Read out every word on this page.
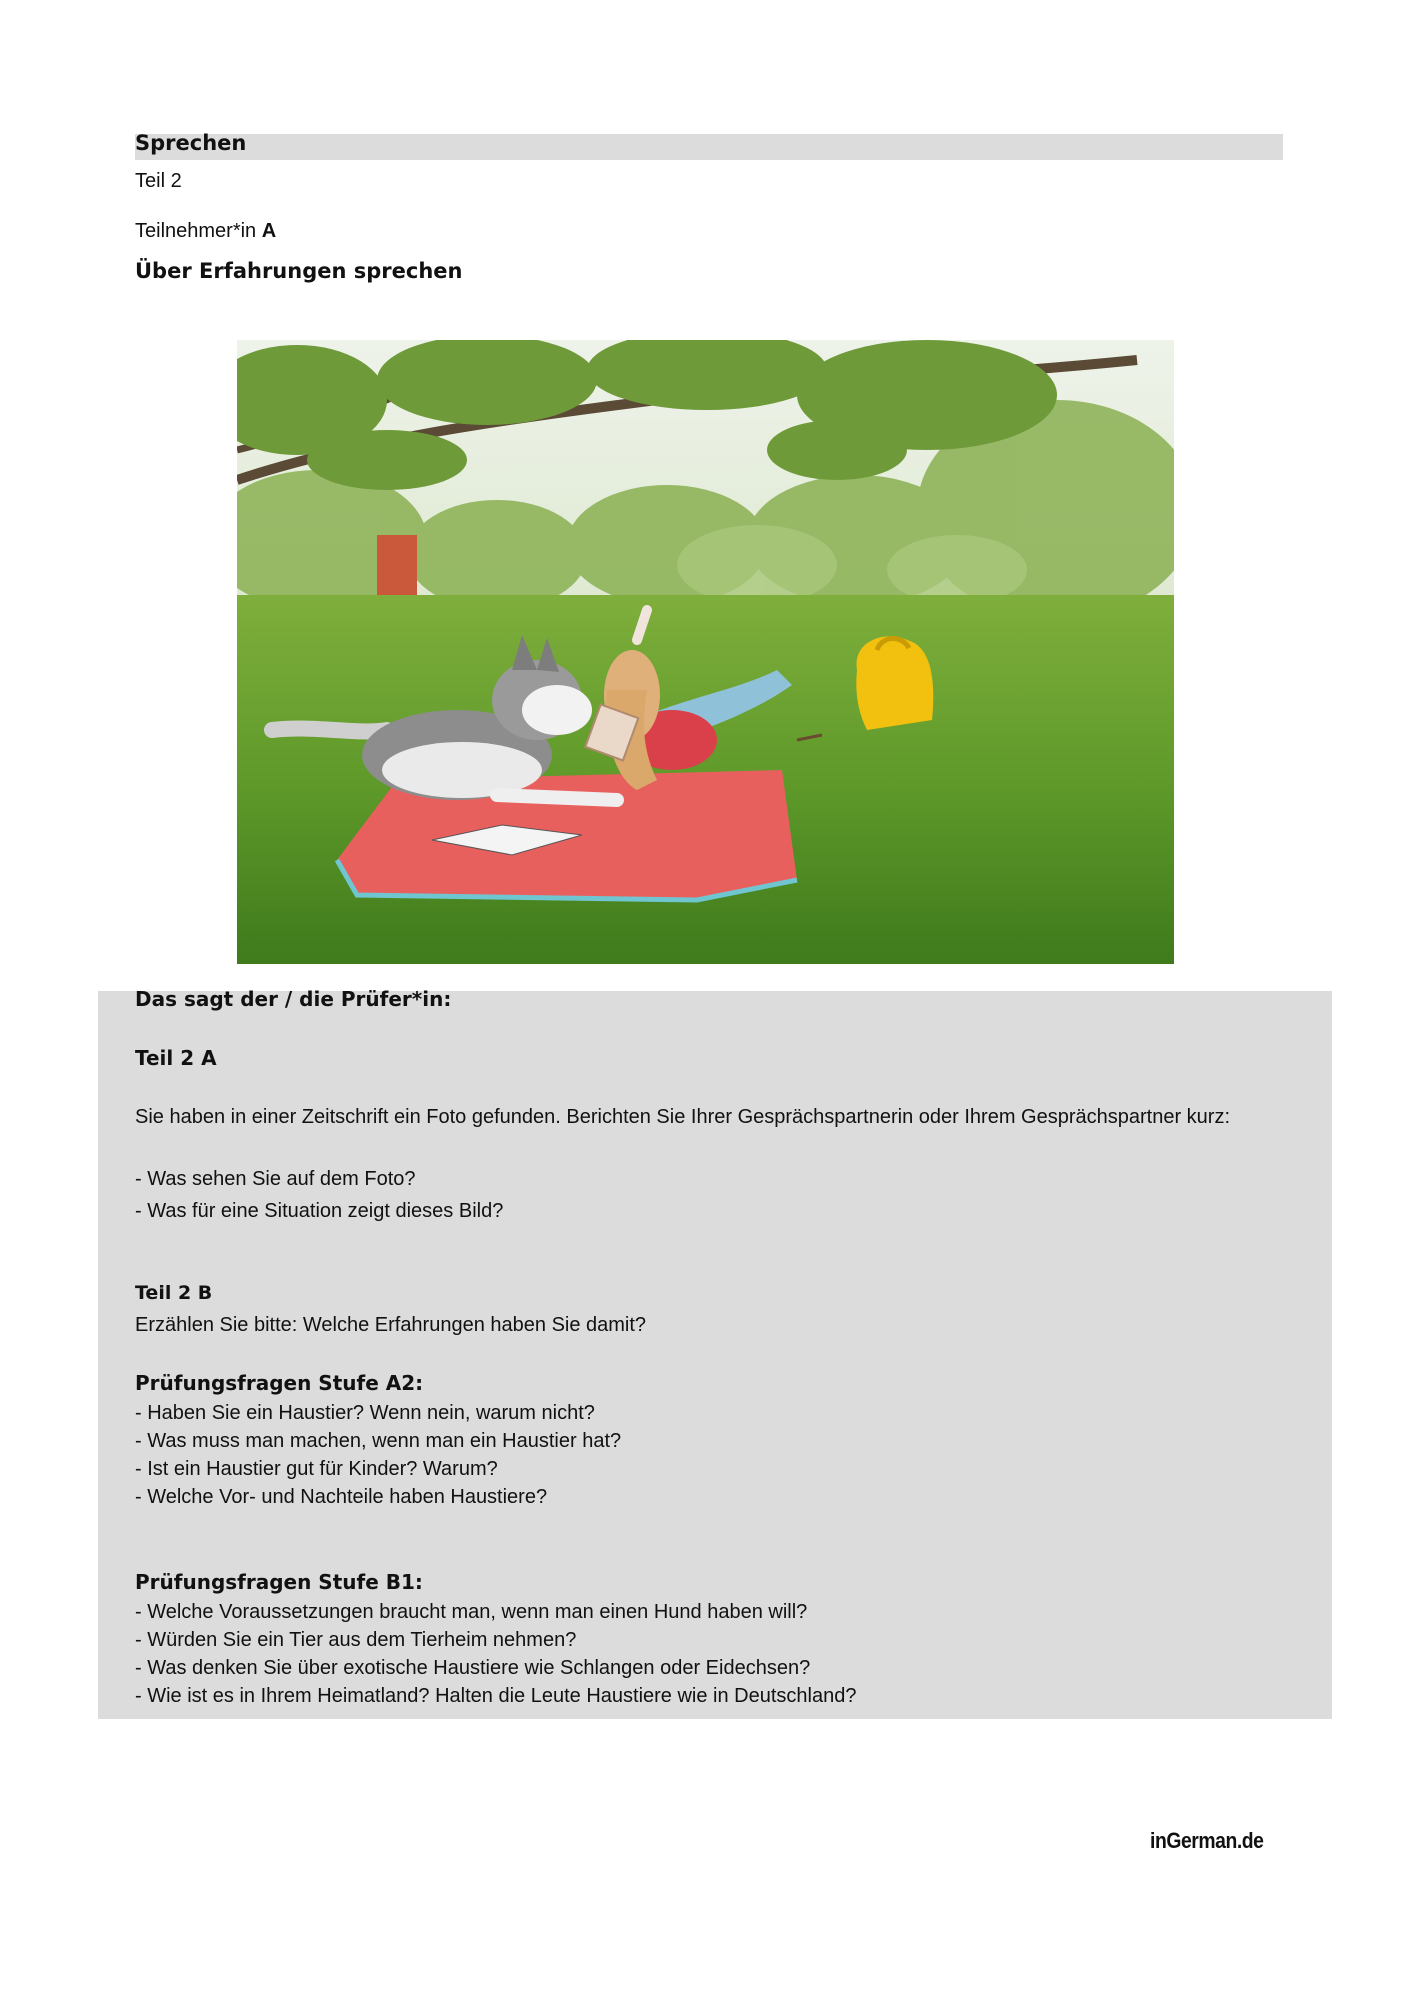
Sprechen
Teil 2
Teilnehmer*in A
Über Erfahrungen sprechen
Das sagt der / die Prüfer*in:
Teil 2 A
Sie haben in einer Zeitschrift ein Foto gefunden. Berichten Sie Ihrer Gesprächspartnerin oder Ihrem Gesprächspartner kurz:

- Was sehen Sie auf dem Foto?

- Was für eine Situation zeigt dieses Bild?

Teil 2 B
Erzählen Sie bitte: Welche Erfahrungen haben Sie damit?
Prüfungsfragen Stufe A2:

- Haben Sie ein Haustier? Wenn nein, warum nicht?

- Was muss man machen, wenn man ein Haustier hat?

- Ist ein Haustier gut für Kinder? Warum?

- Welche Vor- und Nachteile haben Haustiere?

Prüfungsfragen Stufe B1:

- Welche Voraussetzungen braucht man, wenn man einen Hund haben will?

- Würden Sie ein Tier aus dem Tierheim nehmen?

- Was denken Sie über exotische Haustiere wie Schlangen oder Eidechsen?

- Wie ist es in Ihrem Heimatland? Halten die Leute Haustiere wie in Deutschland?

inGerman.de
